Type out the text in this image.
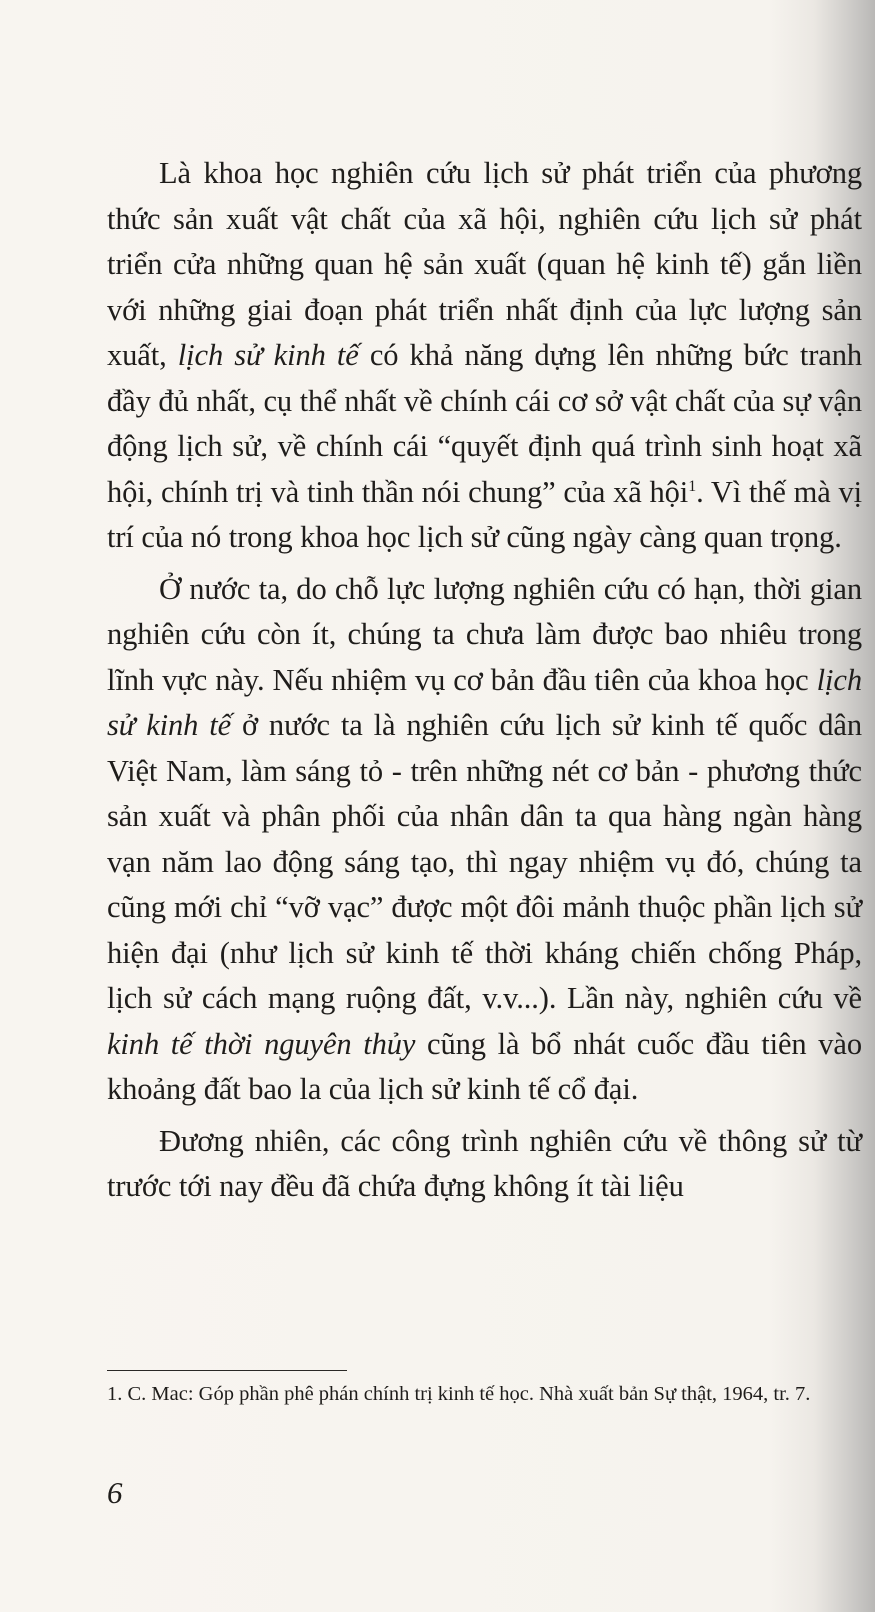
Là khoa học nghiên cứu lịch sử phát triển của phương thức sản xuất vật chất của xã hội, nghiên cứu lịch sử phát triển cửa những quan hệ sản xuất (quan hệ kinh tế) gắn liền với những giai đoạn phát triển nhất định của lực lượng sản xuất, lịch sử kinh tế có khả năng dựng lên những bức tranh đầy đủ nhất, cụ thể nhất về chính cái cơ sở vật chất của sự vận động lịch sử, về chính cái “quyết định quá trình sinh hoạt xã hội, chính trị và tinh thần nói chung” của xã hội$^1$. Vì thế mà vị trí của nó trong khoa học lịch sử cũng ngày càng quan trọng.

Ở nước ta, do chỗ lực lượng nghiên cứu có hạn, thời gian nghiên cứu còn ít, chúng ta chưa làm được bao nhiêu trong lĩnh vực này. Nếu nhiệm vụ cơ bản đầu tiên của khoa học lịch sử kinh tế ở nước ta là nghiên cứu lịch sử kinh tế quốc dân Việt Nam, làm sáng tỏ - trên những nét cơ bản - phương thức sản xuất và phân phối của nhân dân ta qua hàng ngàn hàng vạn năm lao động sáng tạo, thì ngay nhiệm vụ đó, chúng ta cũng mới chỉ “vỡ vạc” được một đôi mảnh thuộc phần lịch sử hiện đại (như lịch sử kinh tế thời kháng chiến chống Pháp, lịch sử cách mạng ruộng đất, v.v...). Lần này, nghiên cứu về kinh tế thời nguyên thủy cũng là bổ nhát cuốc đầu tiên vào khoảng đất bao la của lịch sử kinh tế cổ đại.

Đương nhiên, các công trình nghiên cứu về thông sử từ trước tới nay đều đã chứa đựng không ít tài liệu

1. C. Mac: Góp phần phê phán chính trị kinh tế học. Nhà xuất bản Sự thật, 1964, tr. 7.

6
